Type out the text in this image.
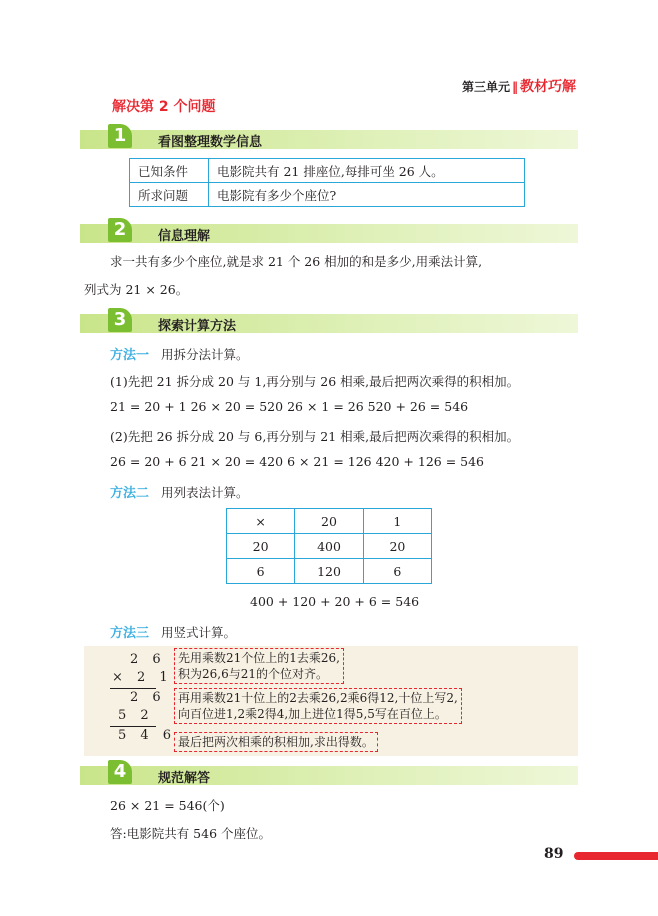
第三单元 ‖ 教材巧解
解决第 2 个问题
1	看图整理数学信息
已知条件	电影院共有 21 排座位,每排可坐 26 人。
所求问题	电影院有多少个座位?
2	信息理解
求一共有多少个座位,就是求 21 个 26 相加的和是多少,用乘法计算,
列式为 21 × 26。
3	探索计算方法
方法一 用拆分法计算。
(1)先把 21 拆分成 20 与 1,再分别与 26 相乘,最后把两次乘得的积相加。
21 = 20 + 1 26 × 20 = 520 26 × 1 = 26 520 + 26 = 546
(2)先把 26 拆分成 20 与 6,再分别与 21 相乘,最后把两次乘得的积相加。
26 = 20 + 6 21 × 20 = 420 6 × 21 = 126 420 + 126 = 546
方法二 用列表法计算。
×	20	1
20	400	20
6	120	6
400 + 120 + 20 + 6 = 546
方法三 用竖式计算。
2 6
× 2 1
2 6
5 2
5 4 6
先用乘数21个位上的1去乘26,
积为26,6与21的个位对齐。
再用乘数21十位上的2去乘26,2乘6得12,十位上写2,
向百位进1,2乘2得4,加上进位1得5,5写在百位上。
最后把两次相乘的积相加,求出得数。
4	规范解答
26 × 21 = 546(个)
答:电影院共有 546 个座位。
89
